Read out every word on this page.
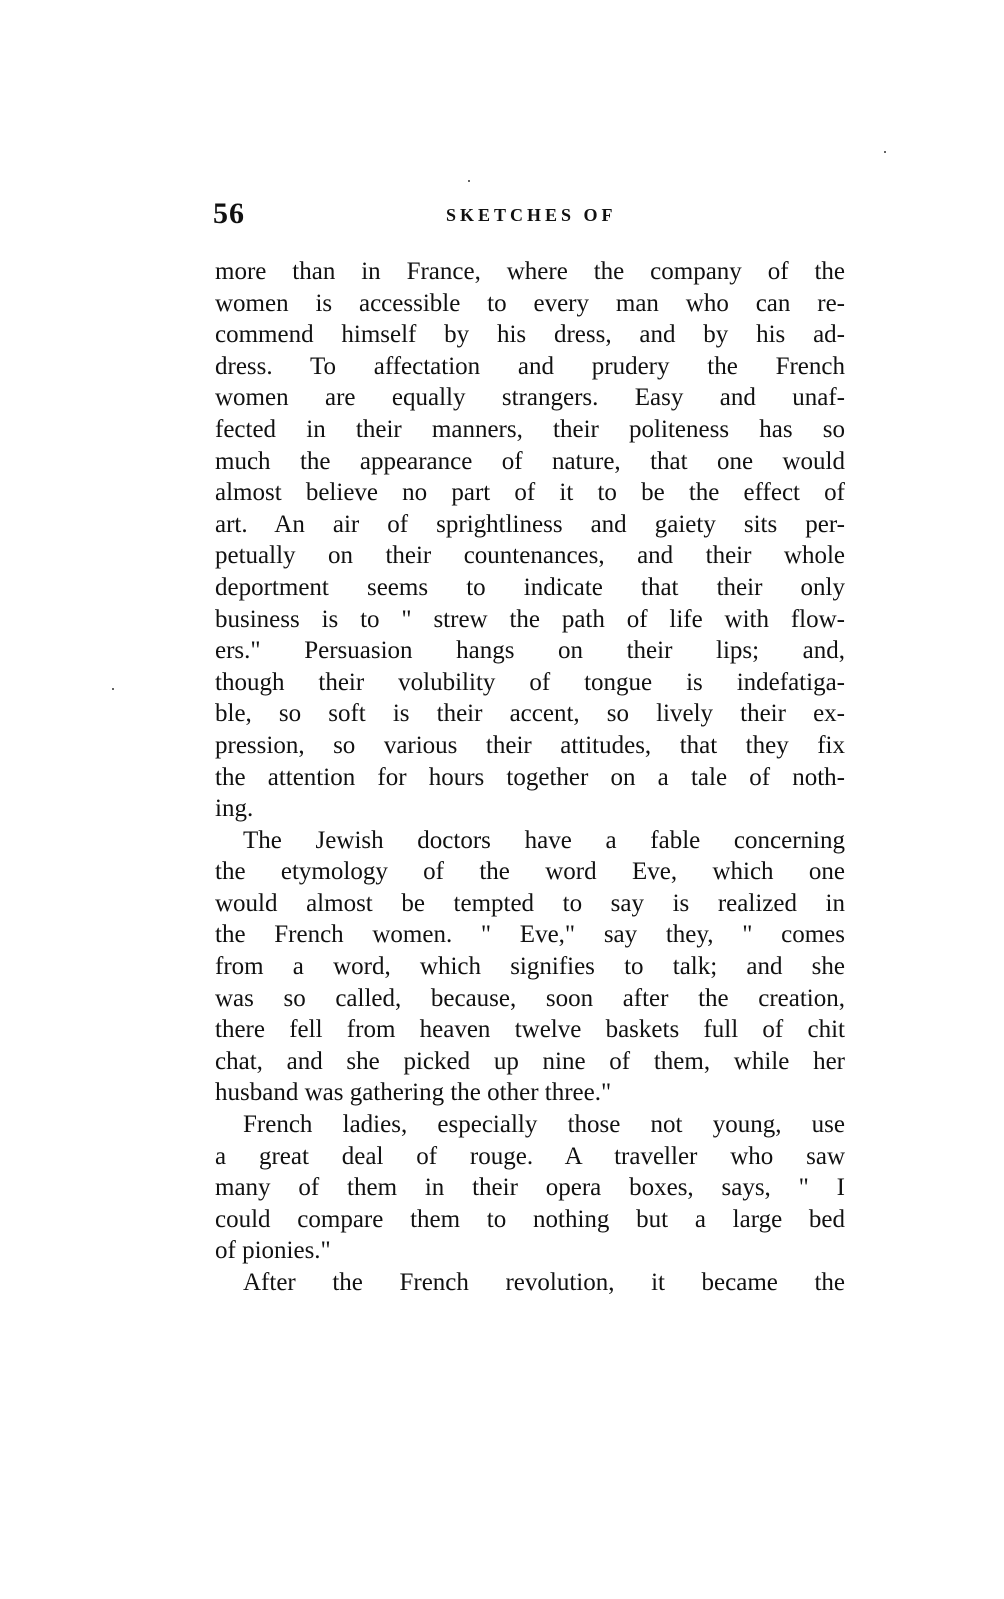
56	SKETCHES OF
more than in France, where the company of the
women is accessible to every man who can re-
commend himself by his dress, and by his ad-
dress. To affectation and prudery the French
women are equally strangers. Easy and unaf-
fected in their manners, their politeness has so
much the appearance of nature, that one would
almost believe no part of it to be the effect of
art. An air of sprightliness and gaiety sits per-
petually on their countenances, and their whole
deportment seems to indicate that their only
business is to " strew the path of life with flow-
ers." Persuasion hangs on their lips; and,
though their volubility of tongue is indefatiga-
ble, so soft is their accent, so lively their ex-
pression, so various their attitudes, that they fix
the attention for hours together on a tale of noth-
ing.
The Jewish doctors have a fable concerning
the etymology of the word Eve, which one
would almost be tempted to say is realized in
the French women. " Eve," say they, " comes
from a word, which signifies to talk; and she
was so called, because, soon after the creation,
there fell from heaven twelve baskets full of chit
chat, and she picked up nine of them, while her
husband was gathering the other three."
French ladies, especially those not young, use
a great deal of rouge. A traveller who saw
many of them in their opera boxes, says, " I
could compare them to nothing but a large bed
of pionies."
After the French revolution, it became the
